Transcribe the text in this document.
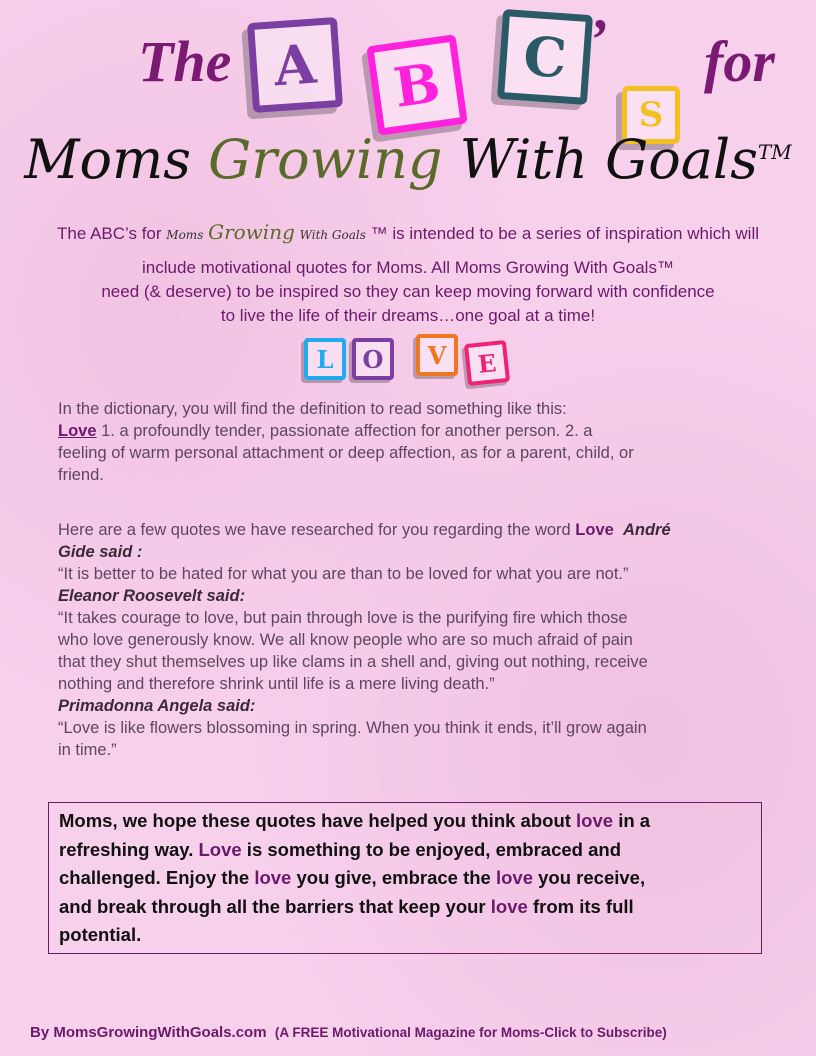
The A	B	C ’
S
for
Moms Growing With Goals™
The ABC’s for Moms Growing With Goals ™ is intended to be a series of inspiration which will
include motivational quotes for Moms. All Moms Growing With Goals™
need (& deserve) to be inspired so they can keep moving forward with confidence
to live the life of their dreams…one goal at a time!
L	O	V	E
In the dictionary, you will find the definition to read something like this:
Love 1. a profoundly tender, passionate affection for another person. 2. a
feeling of warm personal attachment or deep affection, as for a parent, child, or
friend.
Here are a few quotes we have researched for you regarding the word Love André
Gide said :
“It is better to be hated for what you are than to be loved for what you are not.”
Eleanor Roosevelt said:
“It takes courage to love, but pain through love is the purifying fire which those
who love generously know. We all know people who are so much afraid of pain
that they shut themselves up like clams in a shell and, giving out nothing, receive
nothing and therefore shrink until life is a mere living death.”
Primadonna Angela said:
“Love is like flowers blossoming in spring. When you think it ends, it’ll grow again
in time.”
Moms, we hope these quotes have helped you think about love in a
refreshing way. Love is something to be enjoyed, embraced and
challenged. Enjoy the love you give, embrace the love you receive,
and break through all the barriers that keep your love from its full
potential.
By MomsGrowingWithGoals.com (A FREE Motivational Magazine for Moms-Click to Subscribe)
